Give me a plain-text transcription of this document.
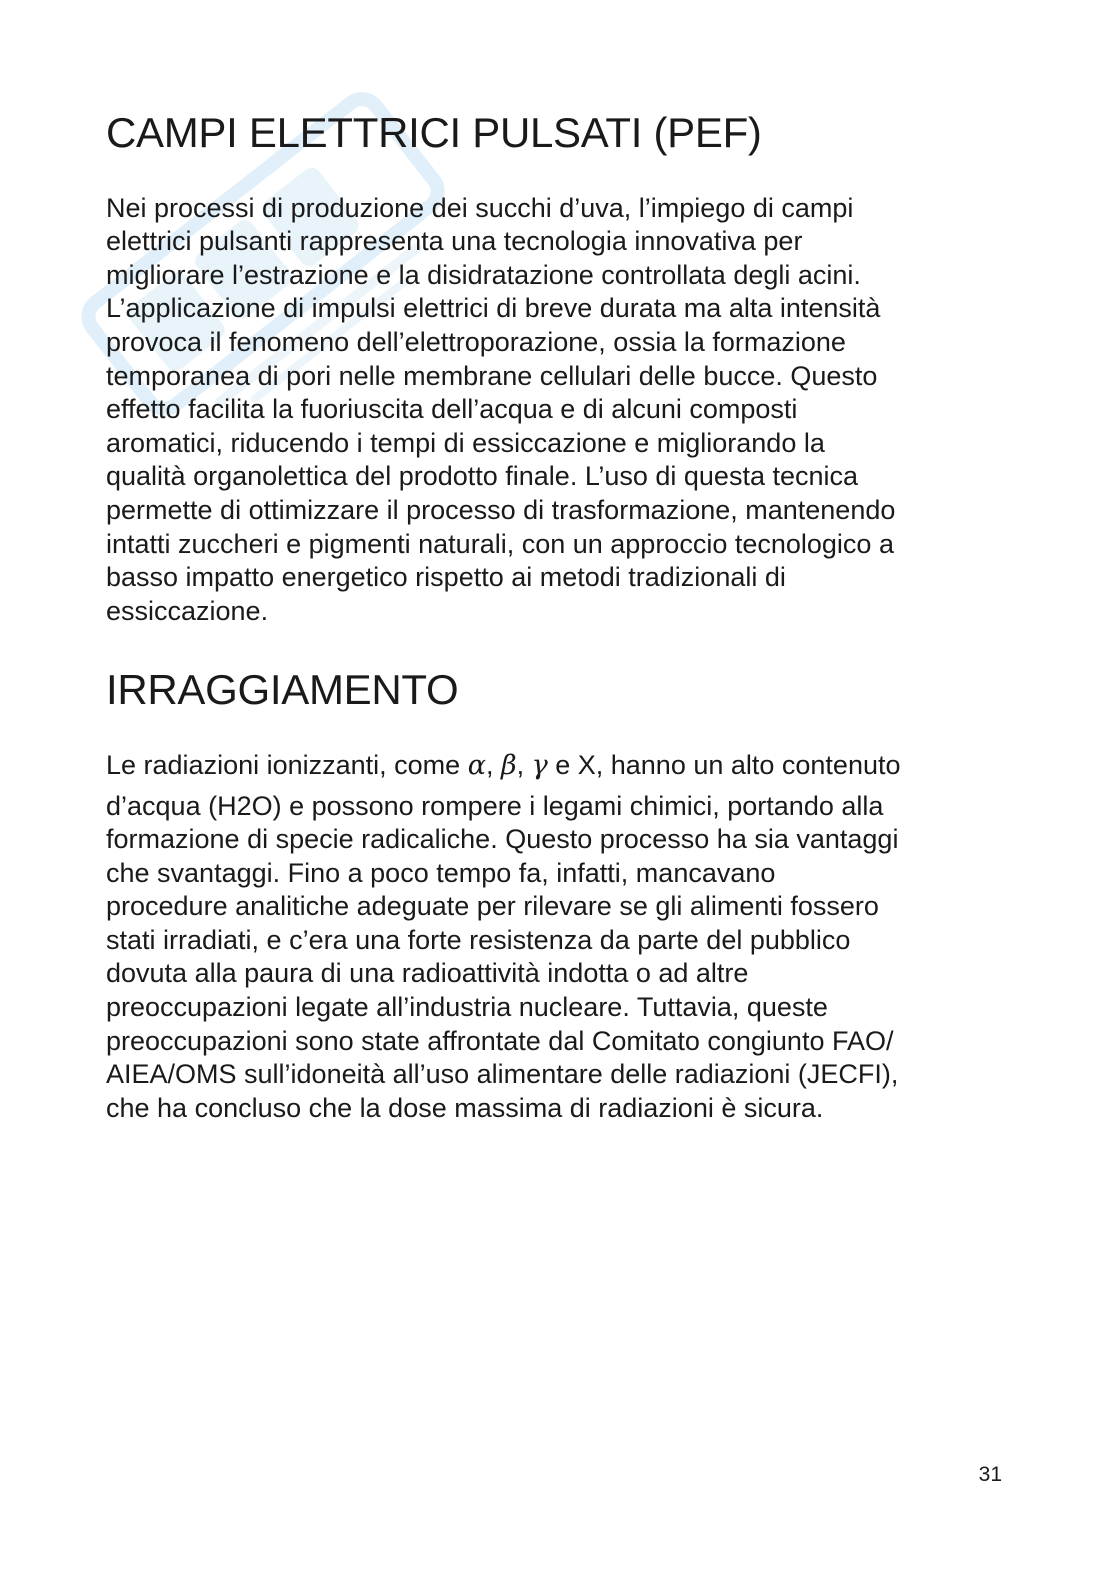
CAMPI ELETTRICI PULSATI (PEF)

Nei processi di produzione dei succhi d’uva, l’impiego di campi
elettrici pulsanti rappresenta una tecnologia innovativa per
migliorare l’estrazione e la disidratazione controllata degli acini.
L’applicazione di impulsi elettrici di breve durata ma alta intensità
provoca il fenomeno dell’elettroporazione, ossia la formazione
temporanea di pori nelle membrane cellulari delle bucce. Questo
effetto facilita la fuoriuscita dell’acqua e di alcuni composti
aromatici, riducendo i tempi di essiccazione e migliorando la
qualità organolettica del prodotto finale. L’uso di questa tecnica
permette di ottimizzare il processo di trasformazione, mantenendo
intatti zuccheri e pigmenti naturali, con un approccio tecnologico a
basso impatto energetico rispetto ai metodi tradizionali di
essiccazione.

IRRAGGIAMENTO

Le radiazioni ionizzanti, come α, β, γ e X, hanno un alto contenuto

d’acqua (H2O) e possono rompere i legami chimici, portando alla
formazione di specie radicaliche. Questo processo ha sia vantaggi
che svantaggi. Fino a poco tempo fa, infatti, mancavano
procedure analitiche adeguate per rilevare se gli alimenti fossero
stati irradiati, e c’era una forte resistenza da parte del pubblico
dovuta alla paura di una radioattività indotta o ad altre
preoccupazioni legate all’industria nucleare. Tuttavia, queste
preoccupazioni sono state affrontate dal Comitato congiunto FAO/
AIEA/OMS sull’idoneità all’uso alimentare delle radiazioni (JECFI),
che ha concluso che la dose massima di radiazioni è sicura.

31
